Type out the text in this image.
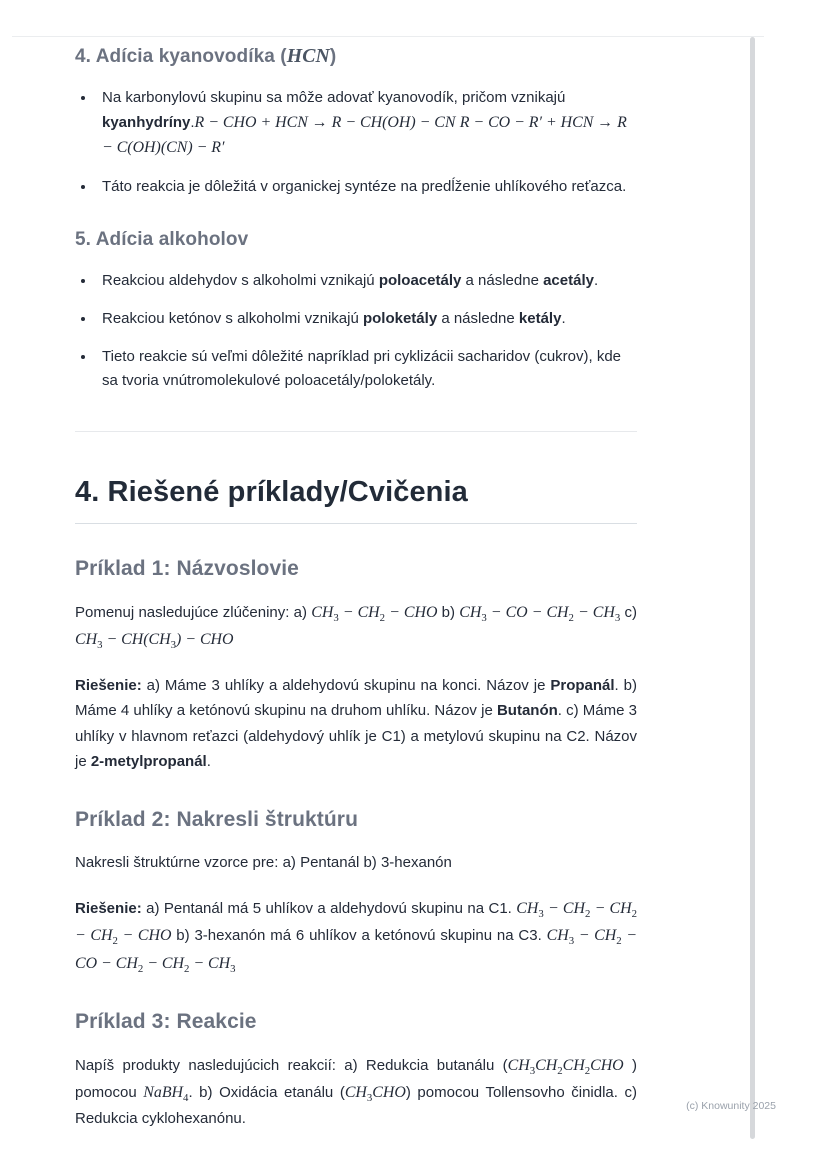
4. Adícia kyanovodíka (HCN)
• Na karbonylovú skupinu sa môže adovať kyanovodík, pričom vznikajú kyanhydríny.R − CHO + HCN → R − CH(OH) − CN R − CO − R′ + HCN → R − C(OH)(CN) − R′
• Táto reakcia je dôležitá v organickej syntéze na predĺženie uhlíkového reťazca.
5. Adícia alkoholov
• Reakciou aldehydov s alkoholmi vznikajú poloacetály a následne acetály.
• Reakciou ketónov s alkoholmi vznikajú poloketály a následne ketály.
• Tieto reakcie sú veľmi dôležité napríklad pri cyklizácii sacharidov (cukrov), kde sa tvoria vnútromolekulové poloacetály/poloketály.
4. Riešené príklady/Cvičenia
Príklad 1: Názvoslovie

Pomenuj nasledujúce zlúčeniny: a) $CH_3 - CH_2$ − CHO b) $CH_3$ − CO − $CH_2 - CH_3$ c) $CH_3 - CH(CH_3)$ − CHO

Riešenie: a) Máme 3 uhlíky a aldehydovú skupinu na konci. Názov je Propanál. b) Máme 4 uhlíky a ketónovú skupinu na druhom uhlíku. Názov je Butanón. c) Máme 3 uhlíky v hlavnom reťazci (aldehydový uhlík je C1) a metylovú skupinu na C2. Názov je 2-metylpropanál.

Príklad 2: Nakresli štruktúru

Nakresli štruktúrne vzorce pre: a) Pentanál b) 3-hexanón

Riešenie: a) Pentanál má 5 uhlíkov a aldehydovú skupinu na C1. $CH_3 - CH_2 - CH_2 - CH_2$ − CHO b) 3-hexanón má 6 uhlíkov a ketónovú skupinu na C3. $CH_3 - CH_2$ − CO − $CH_2 - CH_2 - CH_3$

Príklad 3: Reakcie

Napíš produkty nasledujúcich reakcií: a) Redukcia butanálu ($CH_3CH_2CH_2CHO$ ) pomocou NaBH$_4$. b) Oxidácia etanálu $(CH_3CHO)$ pomocou Tollensovho činidla. c) Redukcia cyklohexanónu.

(c) Knowunity 2025
